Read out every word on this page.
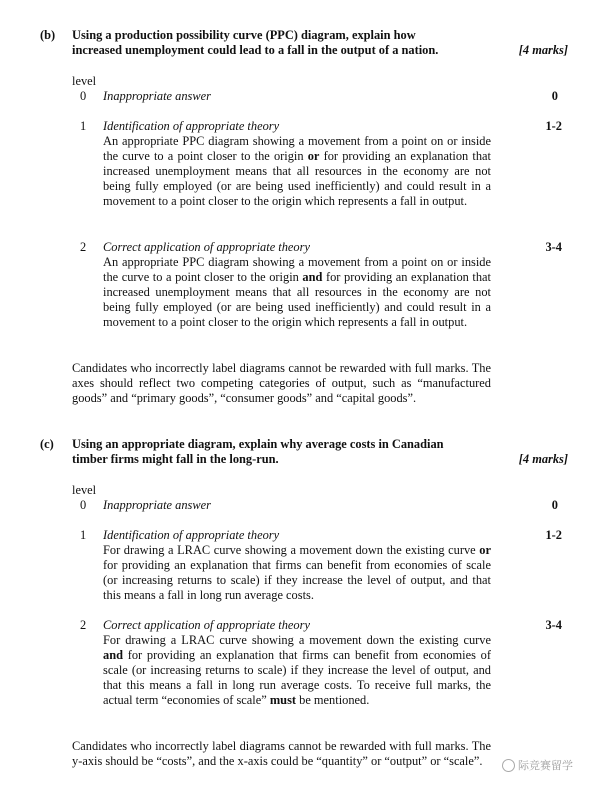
(b) Using a production possibility curve (PPC) diagram, explain how
increased unemployment could lead to a fall in the output of a nation.	[4 marks]
level
0	Inappropriate answer	0
1	Identification of appropriate theory	1-2
An appropriate PPC diagram showing a movement from a point on or inside the curve to a point closer to the origin or for providing an explanation that increased unemployment means that all resources in the economy are not being fully employed (or are being used inefficiently) and could result in a movement to a point closer to the origin which represents a fall in output.
2	Correct application of appropriate theory	3-4
An appropriate PPC diagram showing a movement from a point on or inside the curve to a point closer to the origin and for providing an explanation that increased unemployment means that all resources in the economy are not being fully employed (or are being used inefficiently) and could result in a movement to a point closer to the origin which represents a fall in output.
Candidates who incorrectly label diagrams cannot be rewarded with full marks. The axes should reflect two competing categories of output, such as “manufactured goods” and “primary goods”, “consumer goods” and “capital goods”.
(c) Using an appropriate diagram, explain why average costs in Canadian
timber firms might fall in the long-run.	[4 marks]
level
0	Inappropriate answer	0
1	Identification of appropriate theory	1-2
For drawing a LRAC curve showing a movement down the existing curve or for providing an explanation that firms can benefit from economies of scale (or increasing returns to scale) if they increase the level of output, and that this means a fall in long run average costs.
2	Correct application of appropriate theory	3-4
For drawing a LRAC curve showing a movement down the existing curve and for providing an explanation that firms can benefit from economies of scale (or increasing returns to scale) if they increase the level of output, and that this means a fall in long run average costs. To receive full marks, the actual term “economies of scale” must be mentioned.
Candidates who incorrectly label diagrams cannot be rewarded with full marks. The y-axis should be “costs”, and the x-axis could be “quantity” or “output” or “scale”.	际竞赛留学
